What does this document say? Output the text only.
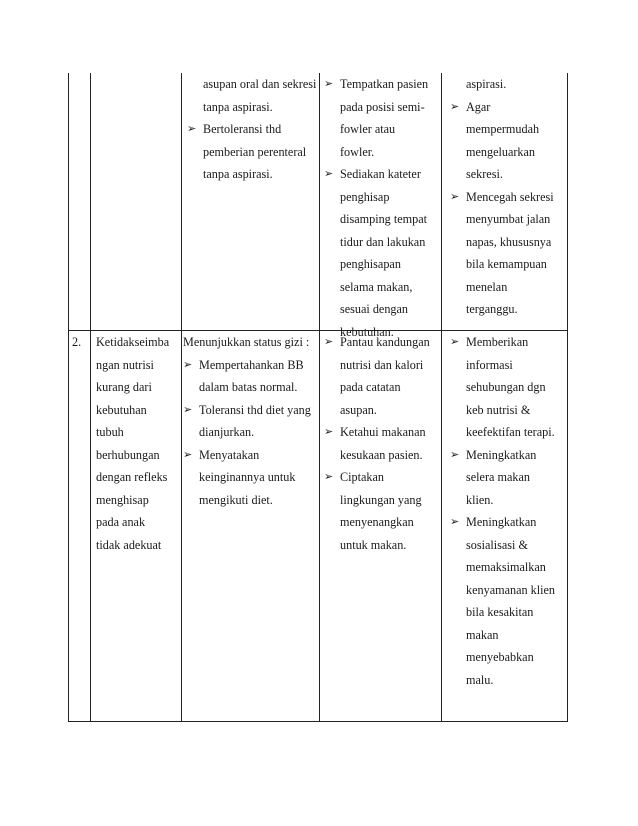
asupan oral dan sekresi
tanpa aspirasi.
➢ Bertoleransi thd
pemberian perenteral
tanpa aspirasi.
➢ Tempatkan pasien
pada posisi semi-
fowler atau
fowler.
➢ Sediakan kateter
penghisap
disamping tempat
tidur dan lakukan
penghisapan
selama makan,
sesuai dengan
kebutuhan.
aspirasi.
➢ Agar
mempermudah
mengeluarkan
sekresi.
➢ Mencegah sekresi
menyumbat jalan
napas, khususnya
bila kemampuan
menelan
terganggu.
2.	Ketidakseimba
ngan nutrisi
kurang dari
kebutuhan
tubuh
berhubungan
dengan refleks
menghisap
pada anak
tidak adekuat
Menunjukkan status gizi :
➢ Mempertahankan BB
dalam batas normal.
➢ Toleransi thd diet yang
dianjurkan.
➢ Menyatakan
keinginannya untuk
mengikuti diet.
➢ Pantau kandungan
nutrisi dan kalori
pada catatan
asupan.
➢ Ketahui makanan
kesukaan pasien.
➢ Ciptakan
lingkungan yang
menyenangkan
untuk makan.
➢ Memberikan
informasi
sehubungan dgn
keb nutrisi &
keefektifan terapi.
➢ Meningkatkan
selera makan
klien.
➢ Meningkatkan
sosialisasi &
memaksimalkan
kenyamanan klien
bila kesakitan
makan
menyebabkan
malu.
